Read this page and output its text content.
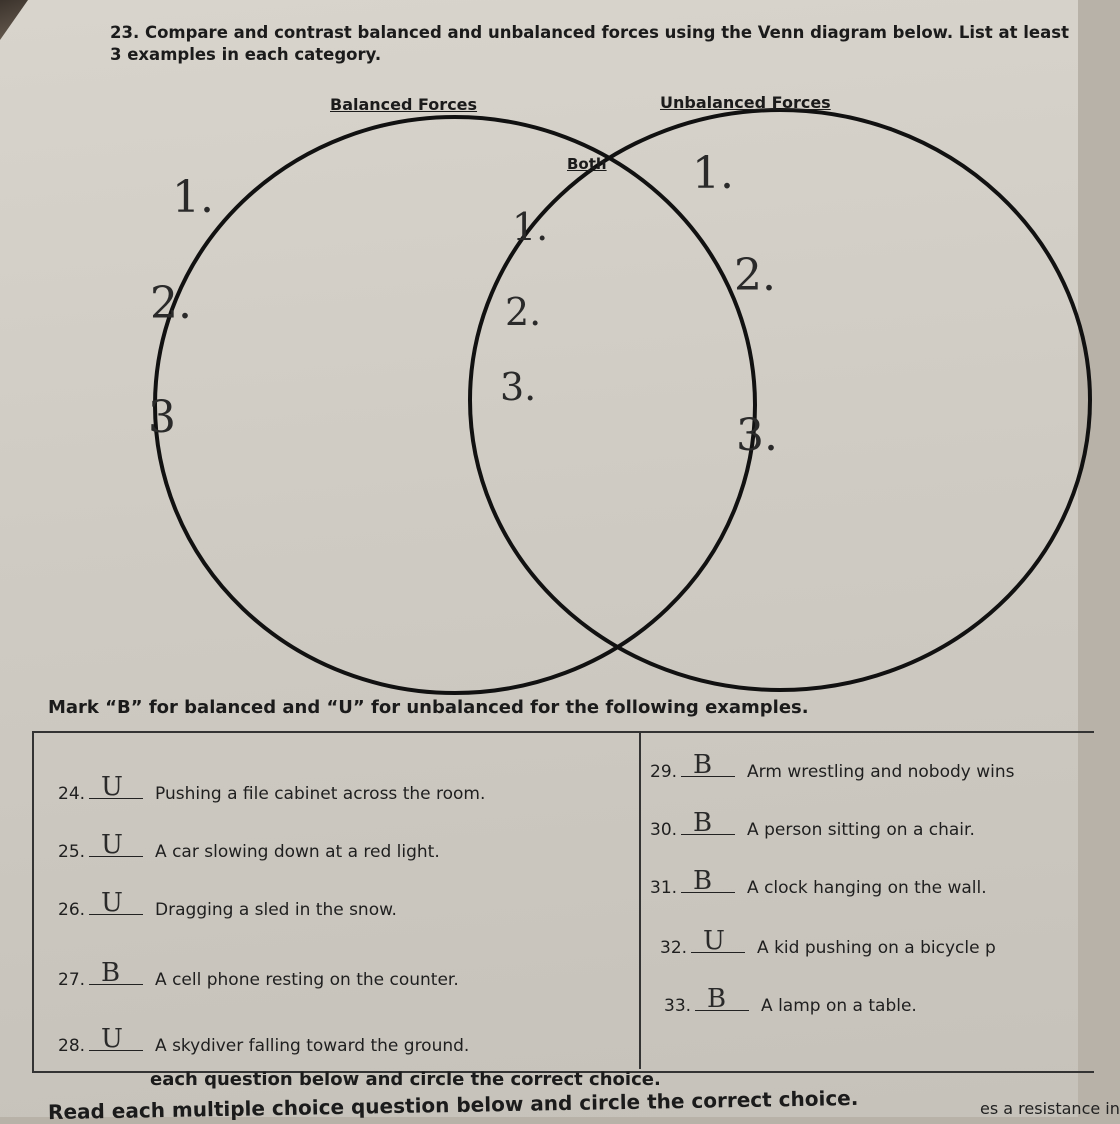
23. Compare and contrast balanced and unbalanced forces using the Venn diagram below. List at least 3 examples in each category.
Balanced Forces	Unbalanced Forces
Both
1.
2.
3
1.
2.
3.
1.
2.
3.
Mark “B” for balanced and “U” for unbalanced for the following examples.
24. U Pushing a file cabinet across the room.
25. U A car slowing down at a red light.
26. U Dragging a sled in the snow.
27. B A cell phone resting on the counter.
28. U A skydiver falling toward the ground.
29. B Arm wrestling and nobody wins
30. B A person sitting on a chair.
31. B A clock hanging on the wall.
32. U A kid pushing on a bicycle p
33. B A lamp on a table.
each question below and circle the correct choice.
Read each multiple choice question below and circle the correct choice.	es a resistance in
